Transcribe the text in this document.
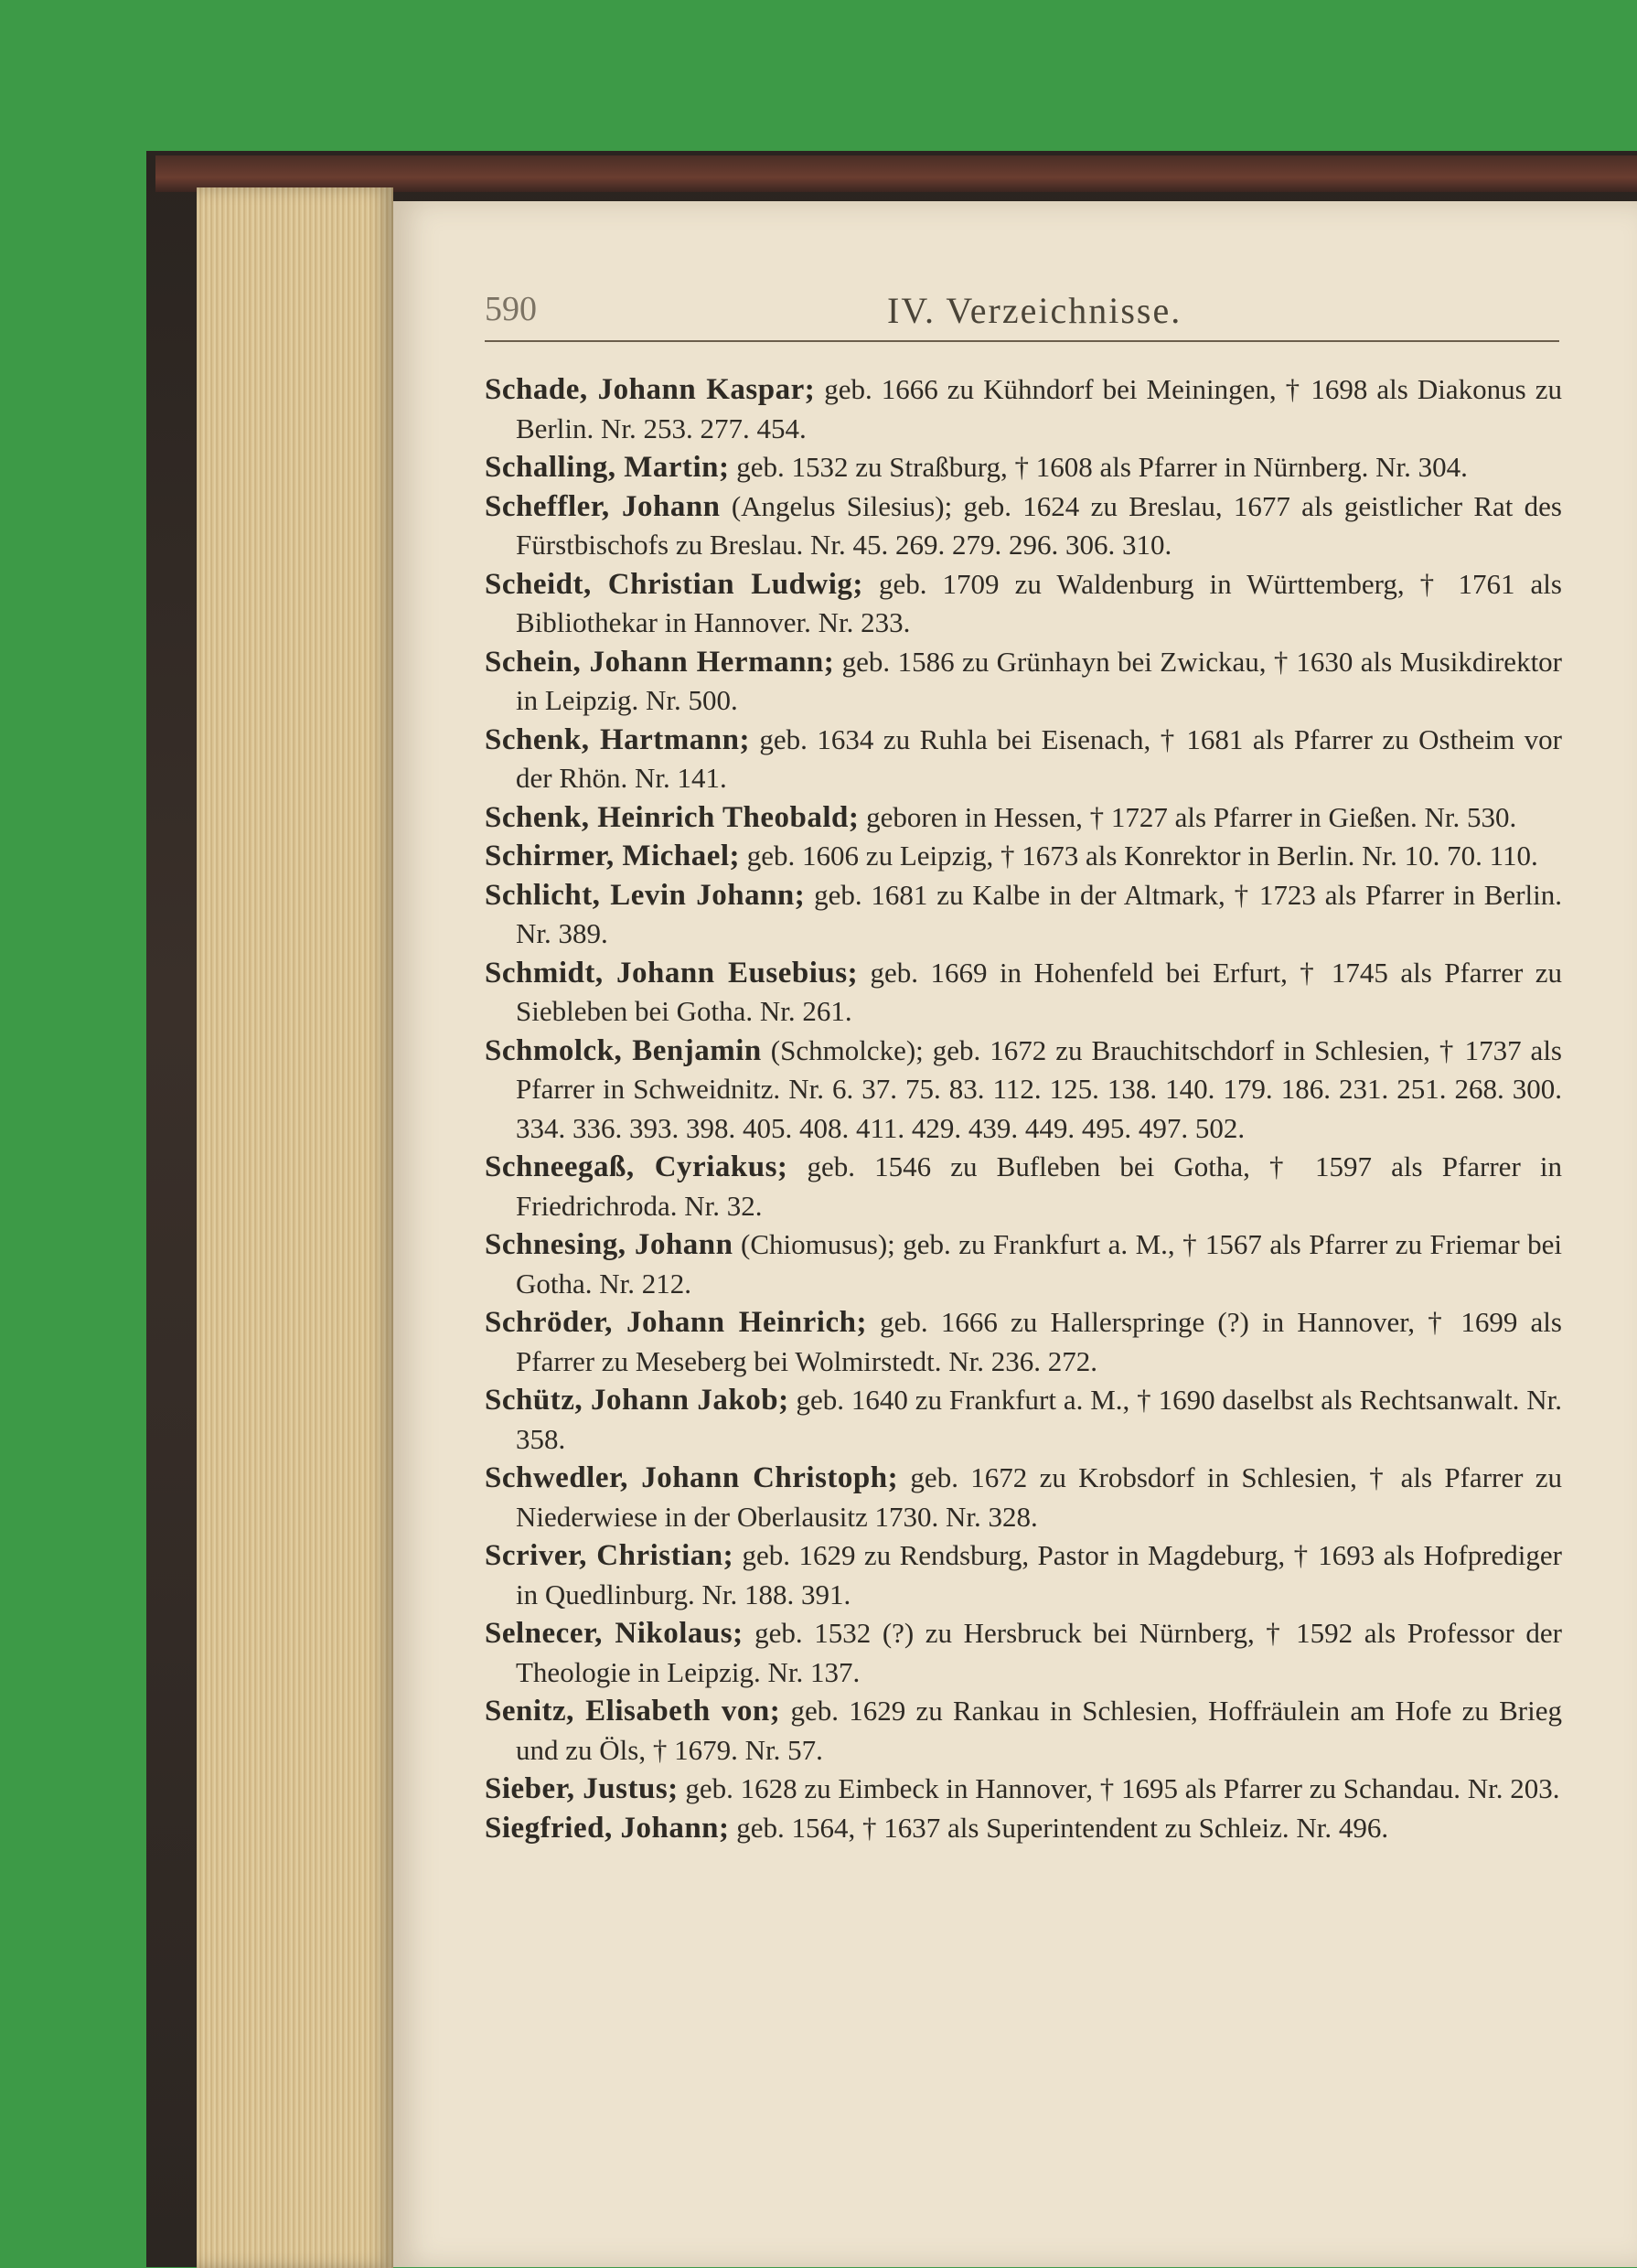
590	IV. Verzeichnisse.

Schade, Johann Kaspar; geb. 1666 zu Kühndorf bei Meiningen, † 1698 als Diakonus zu Berlin. Nr. 253. 277. 454.

Schalling, Martin; geb. 1532 zu Straßburg, † 1608 als Pfarrer in Nürnberg. Nr. 304.

Scheffler, Johann (Angelus Silesius); geb. 1624 zu Breslau, 1677 als geistlicher Rat des Fürstbischofs zu Breslau. Nr. 45. 269. 279. 296. 306. 310.

Scheidt, Christian Ludwig; geb. 1709 zu Waldenburg in Württemberg, † 1761 als Bibliothekar in Hannover. Nr. 233.

Schein, Johann Hermann; geb. 1586 zu Grünhayn bei Zwickau, † 1630 als Musikdirektor in Leipzig. Nr. 500.

Schenk, Hartmann; geb. 1634 zu Ruhla bei Eisenach, † 1681 als Pfarrer zu Ostheim vor der Rhön. Nr. 141.

Schenk, Heinrich Theobald; geboren in Hessen, † 1727 als Pfarrer in Gießen. Nr. 530.

Schirmer, Michael; geb. 1606 zu Leipzig, † 1673 als Konrektor in Berlin. Nr. 10. 70. 110.

Schlicht, Levin Johann; geb. 1681 zu Kalbe in der Altmark, † 1723 als Pfarrer in Berlin. Nr. 389.

Schmidt, Johann Eusebius; geb. 1669 in Hohenfeld bei Erfurt, † 1745 als Pfarrer zu Siebleben bei Gotha. Nr. 261.

Schmolck, Benjamin (Schmolcke); geb. 1672 zu Brauchitschdorf in Schlesien, † 1737 als Pfarrer in Schweidnitz. Nr. 6. 37. 75. 83. 112. 125. 138. 140. 179. 186. 231. 251. 268. 300. 334. 336. 393. 398. 405. 408. 411. 429. 439. 449. 495. 497. 502.

Schneegaß, Cyriakus; geb. 1546 zu Bufleben bei Gotha, † 1597 als Pfarrer in Friedrichroda. Nr. 32.

Schnesing, Johann (Chiomusus); geb. zu Frankfurt a. M., † 1567 als Pfarrer zu Friemar bei Gotha. Nr. 212.

Schröder, Johann Heinrich; geb. 1666 zu Hallerspringe (?) in Hannover, † 1699 als Pfarrer zu Meseberg bei Wolmirstedt. Nr. 236. 272.

Schütz, Johann Jakob; geb. 1640 zu Frankfurt a. M., † 1690 daselbst als Rechtsanwalt. Nr. 358.

Schwedler, Johann Christoph; geb. 1672 zu Krobsdorf in Schlesien, † als Pfarrer zu Niederwiese in der Oberlausitz 1730. Nr. 328.

Scriver, Christian; geb. 1629 zu Rendsburg, Pastor in Magdeburg, † 1693 als Hofprediger in Quedlinburg. Nr. 188. 391.

Selnecer, Nikolaus; geb. 1532 (?) zu Hersbruck bei Nürnberg, † 1592 als Professor der Theologie in Leipzig. Nr. 137.

Senitz, Elisabeth von; geb. 1629 zu Rankau in Schlesien, Hoffräulein am Hofe zu Brieg und zu Öls, † 1679. Nr. 57.

Sieber, Justus; geb. 1628 zu Eimbeck in Hannover, † 1695 als Pfarrer zu Schandau. Nr. 203.

Siegfried, Johann; geb. 1564, † 1637 als Superintendent zu Schleiz. Nr. 496.
